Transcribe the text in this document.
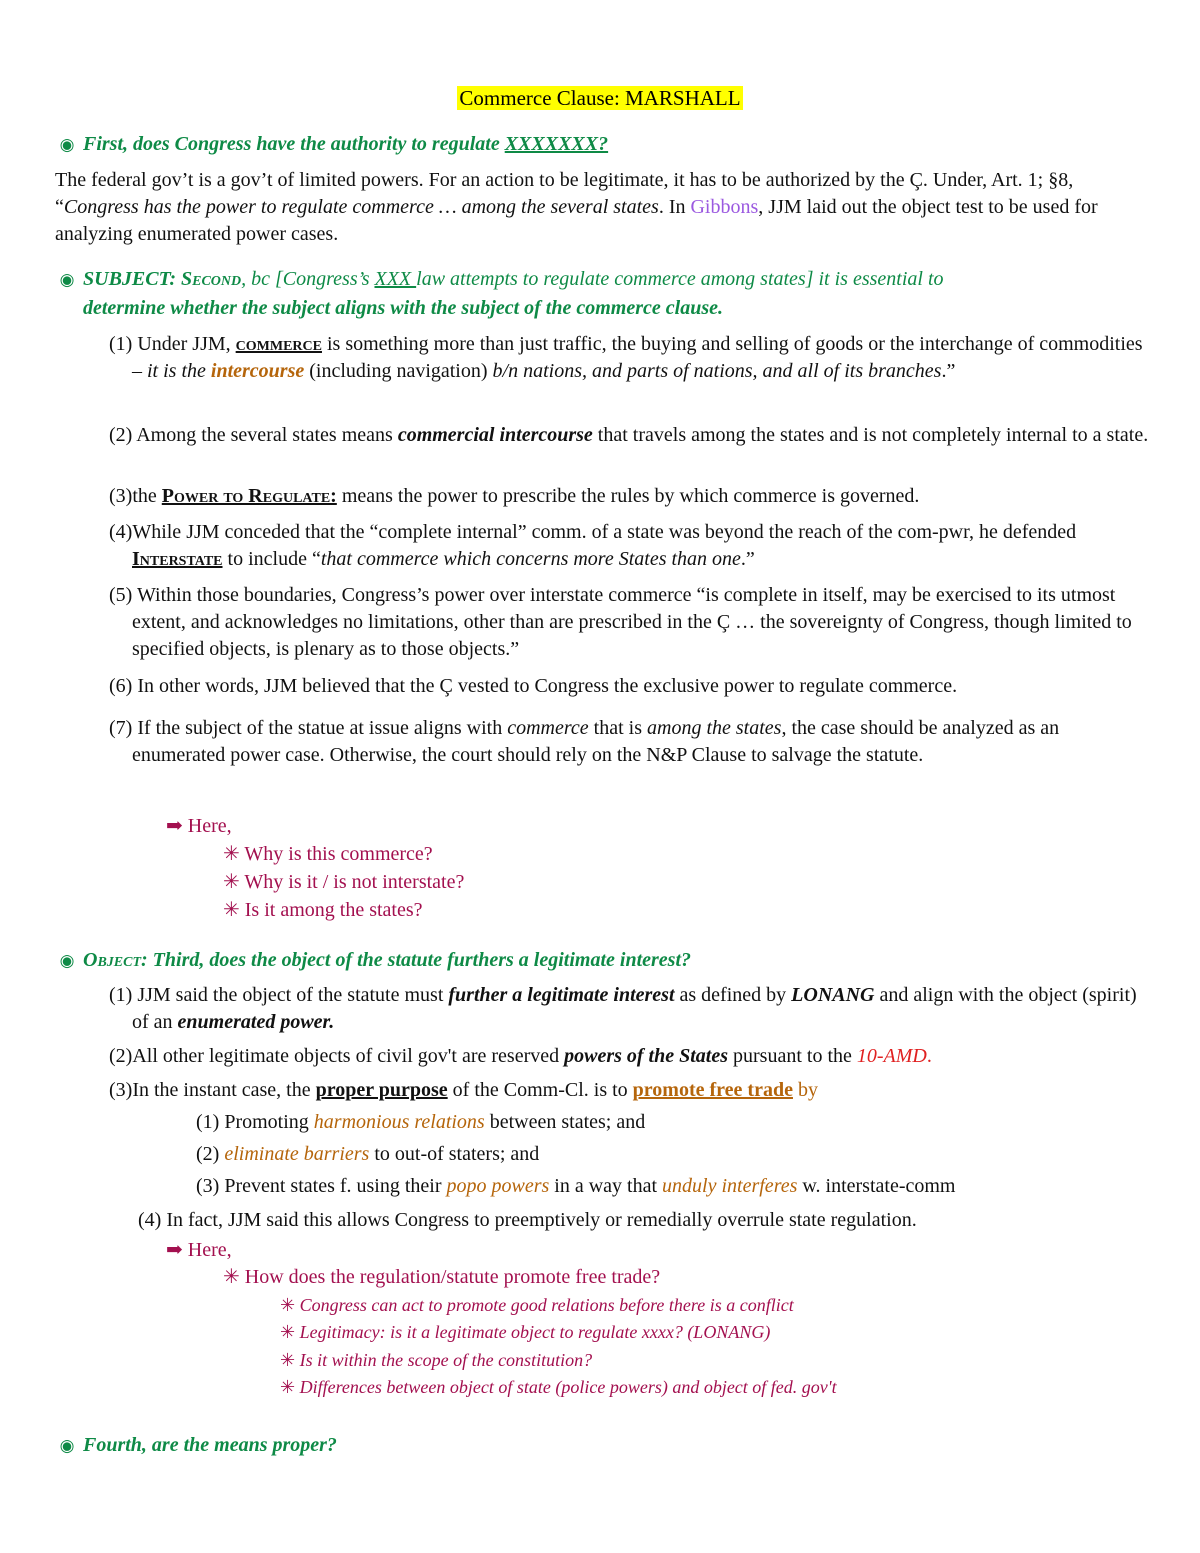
Commerce Clause: MARSHALL
◉ First, does Congress have the authority to regulate XXXXXXX?
The federal gov’t is a gov’t of limited powers. For an action to be legitimate, it has to be authorized by the Ç. Under, Art. 1; §8, “Congress has the power to regulate commerce … among the several states. In Gibbons, JJM laid out the object test to be used for analyzing enumerated power cases.
◉ SUBJECT: Second, bc [Congress’s XXX law attempts to regulate commerce among states] it is essential to
determine whether the subject aligns with the subject of the commerce clause.
(1) Under JJM, commerce is something more than just traffic, the buying and selling of goods or the interchange of commodities – it is the intercourse (including navigation) b/n nations, and parts of nations, and all of its branches.”
(2) Among the several states means commercial intercourse that travels among the states and is not completely internal to a state.
(3)the Power to Regulate: means the power to prescribe the rules by which commerce is governed.
(4)While JJM conceded that the “complete internal” comm. of a state was beyond the reach of the com-pwr, he defended Interstate to include “that commerce which concerns more States than one.”
(5) Within those boundaries, Congress’s power over interstate commerce “is complete in itself, may be exercised to its utmost extent, and acknowledges no limitations, other than are prescribed in the Ç … the sovereignty of Congress, though limited to specified objects, is plenary as to those objects.”
(6) In other words, JJM believed that the Ç vested to Congress the exclusive power to regulate commerce.
(7) If the subject of the statue at issue aligns with commerce that is among the states, the case should be analyzed as an enumerated power case. Otherwise, the court should rely on the N&P Clause to salvage the statute.
➡ Here,
✳ Why is this commerce?
✳ Why is it / is not interstate?
✳ Is it among the states?
◉ Object: Third, does the object of the statute furthers a legitimate interest?
(1) JJM said the object of the statute must further a legitimate interest as defined by LONANG and align with the object (spirit) of an enumerated power.
(2)All other legitimate objects of civil gov't are reserved powers of the States pursuant to the 10-AMD.
(3)In the instant case, the proper purpose of the Comm-Cl. is to promote free trade by
(1) Promoting harmonious relations between states; and
(2) eliminate barriers to out-of staters; and
(3) Prevent states f. using their popo powers in a way that unduly interferes w. interstate-comm
(4) In fact, JJM said this allows Congress to preemptively or remedially overrule state regulation.
➡ Here,
✳ How does the regulation/statute promote free trade?
✳ Congress can act to promote good relations before there is a conflict
✳ Legitimacy: is it a legitimate object to regulate xxxx? (LONANG)
✳ Is it within the scope of the constitution?
✳ Differences between object of state (police powers) and object of fed. gov't
◉ Fourth, are the means proper?
